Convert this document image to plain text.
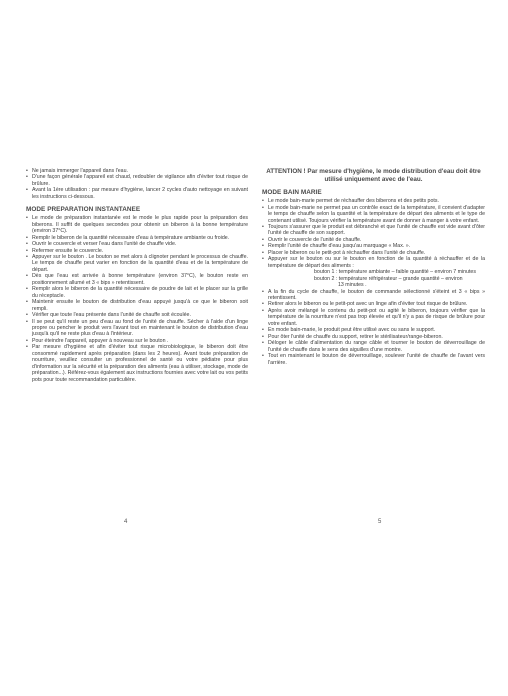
• Ne jamais immerger l'appareil dans l'eau.
• D'une façon générale l'appareil est chaud, redoubler de vigilance afin d'éviter tout risque de brûlure.
• Avant la 1ère utilisation : par mesure d'hygiène, lancer 2 cycles d'auto nettoyage en suivant les instructions ci-dessous.
MODE PREPARATION INSTANTANEE
• Le mode de préparation instantanée est le mode le plus rapide pour la préparation des biberons. Il suffit de quelques secondes pour obtenir un biberon à la bonne température (environ 37°C).
• Remplir le biberon de la quantité nécessaire d'eau à température ambiante ou froide.
• Ouvrir le couvercle et verser l'eau dans l'unité de chauffe vide.
• Refermer ensuite le couvercle.
• Appuyer sur le bouton . Le bouton se met alors à clignoter pendant le processus de chauffe. Le temps de chauffe peut varier en fonction de la quantité d'eau et de la température de départ.
• Dès que l'eau est arrivée à bonne température (environ 37°C), le bouton reste en positionnement allumé et 3 « bips » retentissent.
• Remplir alors le biberon de la quantité nécessaire de poudre de lait et le placer sur la grille du réceptacle.
• Maintenir ensuite le bouton de distribution d'eau appuyé jusqu'à ce que le biberon soit rempli.
• Vérifier que toute l'eau présente dans l'unité de chauffe soit écoulée.
• Il se peut qu'il reste un peu d'eau au fond de l'unité de chauffe. Sécher à l'aide d'un linge propre ou pencher le produit vers l'avant tout en maintenant le bouton de distribution d'eau jusqu'à qu'il ne reste plus d'eau à l'intérieur.
• Pour éteindre l'appareil, appuyer à nouveau sur le bouton .
• Par mesure d'hygiène et afin d'éviter tout risque microbiologique, le biberon doit être consommé rapidement après préparation (dans les 2 heures). Avant toute préparation de nourriture, veuillez consulter un professionnel de santé ou votre pédiatre pour plus d'information sur la sécurité et la préparation des aliments (eau à utiliser, stockage, mode de préparation...). Référez-vous également aux instructions fournies avec votre lait ou vos petits pots pour toute recommandation particulière.
4

ATTENTION ! Par mesure d'hygiène, le mode distribution d'eau doit être utilisé uniquement avec de l'eau.

MODE BAIN MARIE
• Le mode bain-marie permet de réchauffer des biberons et des petits pots.
• Le mode bain-marie ne permet pas un contrôle exact de la température, il convient d'adapter le temps de chauffe selon la quantité et la température de départ des aliments et le type de contenant utilisé. Toujours vérifier la température avant de donner à manger à votre enfant.
• Toujours s'assurer que le produit est débranché et que l'unité de chauffe est vide avant d'ôter l'unité de chauffe de son support.
• Ouvrir le couvercle de l'unité de chauffe.
• Remplir l'unité de chauffe d'eau jusqu'au marquage « Max. ».
• Placer le biberon ou le petit-pot à réchauffer dans l'unité de chauffe.
• Appuyer sur le bouton ou sur le bouton en fonction de la quantité à réchauffer et de la température de départ des aliments :
bouton 1 : température ambiante – faible quantité – environ 7 minutes
bouton 2 : température réfrigérateur – grande quantité – environ
13 minutes .
• A la fin du cycle de chauffe, le bouton de commande sélectionné s'éteint et 3 « bips » retentissent.
• Retirer alors le biberon ou le petit-pot avec un linge afin d'éviter tout risque de brûlure.
• Après avoir mélangé le contenu du petit-pot ou agité le biberon, toujours vérifier que la température de la nourriture n'est pas trop élevée et qu'il n'y a pas de risque de brûlure pour votre enfant.
• En mode bain-marie, le produit peut être utilisé avec ou sans le support.
• Pour ôter l'unité de chauffe du support, retirer le stérilisateur/range-biberon.
• Déloger le câble d'alimentation du range câble et tourner le bouton de déverrouillage de l'unité de chauffe dans le sens des aiguilles d'une montre.
• Tout en maintenant le bouton de déverrouillage, soulever l'unité de chauffe de l'avant vers l'arrière.
5
